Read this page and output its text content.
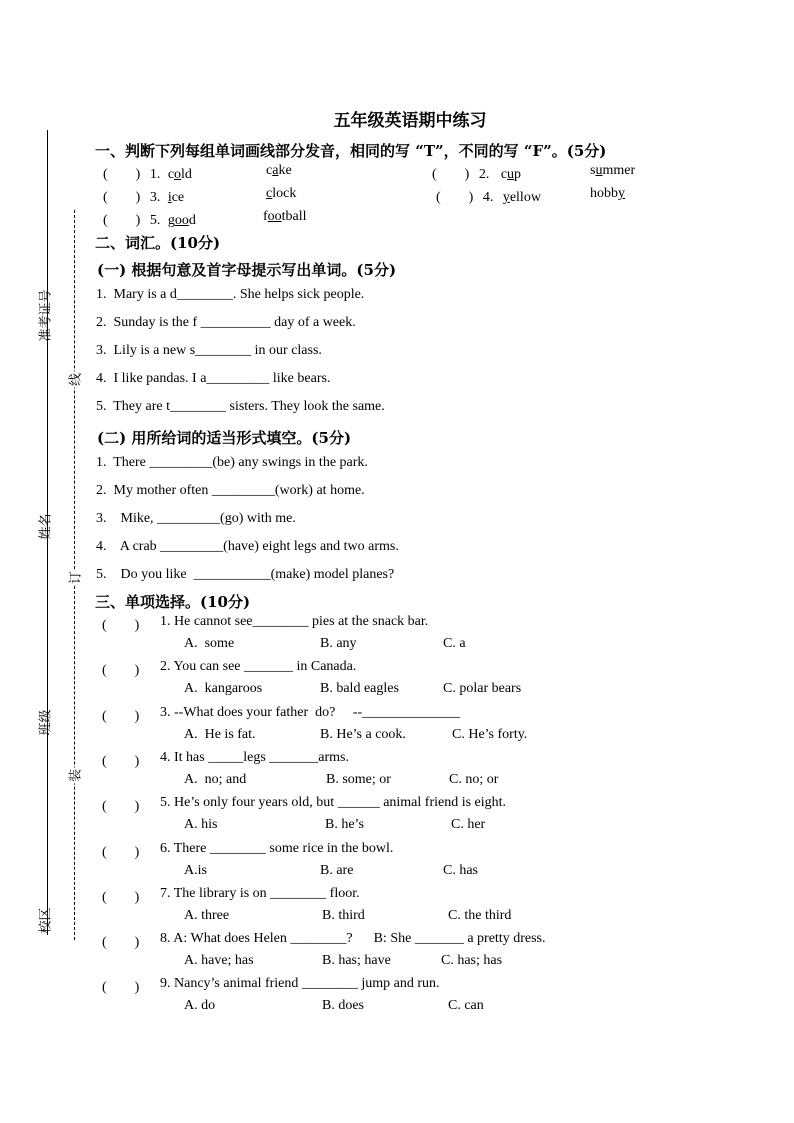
准考证号
姓名
班级
校区
线
订
装
五年级英语期中练习
一、判断下列每组单词画线部分发音，相同的写 “T”，不同的写 “F”。(5分)
(　　) 1. cold	cake	(　　) 2. cup	summer
(　　) 3. ice	clock	(　　) 4. yellow	hobby
(　　) 5. good	football
二、词汇。(10分)
(一) 根据句意及首字母提示写出单词。(5分)
1.  Mary is a d________. She helps sick people.
2.  Sunday is the f __________ day of a week.
3.  Lily is a new s________ in our class.
4.  I like pandas. I a_________ like bears.
5.  They are t________ sisters. They look the same.
(二) 用所给词的适当形式填空。(5分)
1.  There _________(be) any swings in the park.
2.  My mother often _________(work) at home.
3.    Mike, _________(go) with me.
4.    A crab _________(have) eight legs and two arms.
5.    Do you like  ___________(make) model planes?
三、单项选择。(10分)
(　　) 1. He cannot see________ pies at the snack bar.
A.  some	B. any	C. a
(　　) 2. You can see _______ in Canada.
A.  kangaroos	B. bald eagles	C. polar bears
(　　) 3. --What does your father  do?     --______________
A.  He is fat.	B. He’s a cook.	C. He’s forty.
(　　) 4. It has _____legs _______arms.
A.  no; and	B. some; or	C. no; or
(　　) 5. He’s only four years old, but ______ animal friend is eight.
A. his	B. he’s	C. her
(　　) 6. There ________ some rice in the bowl.
A.is	B. are	C. has
(　　) 7. The library is on ________ floor.
A. three	B. third	C. the third
(　　) 8. A: What does Helen ________?      B: She _______ a pretty dress.
A. have; has	B. has; have	C. has; has
(　　) 9. Nancy’s animal friend ________ jump and run.
A. do	B. does	C. can
